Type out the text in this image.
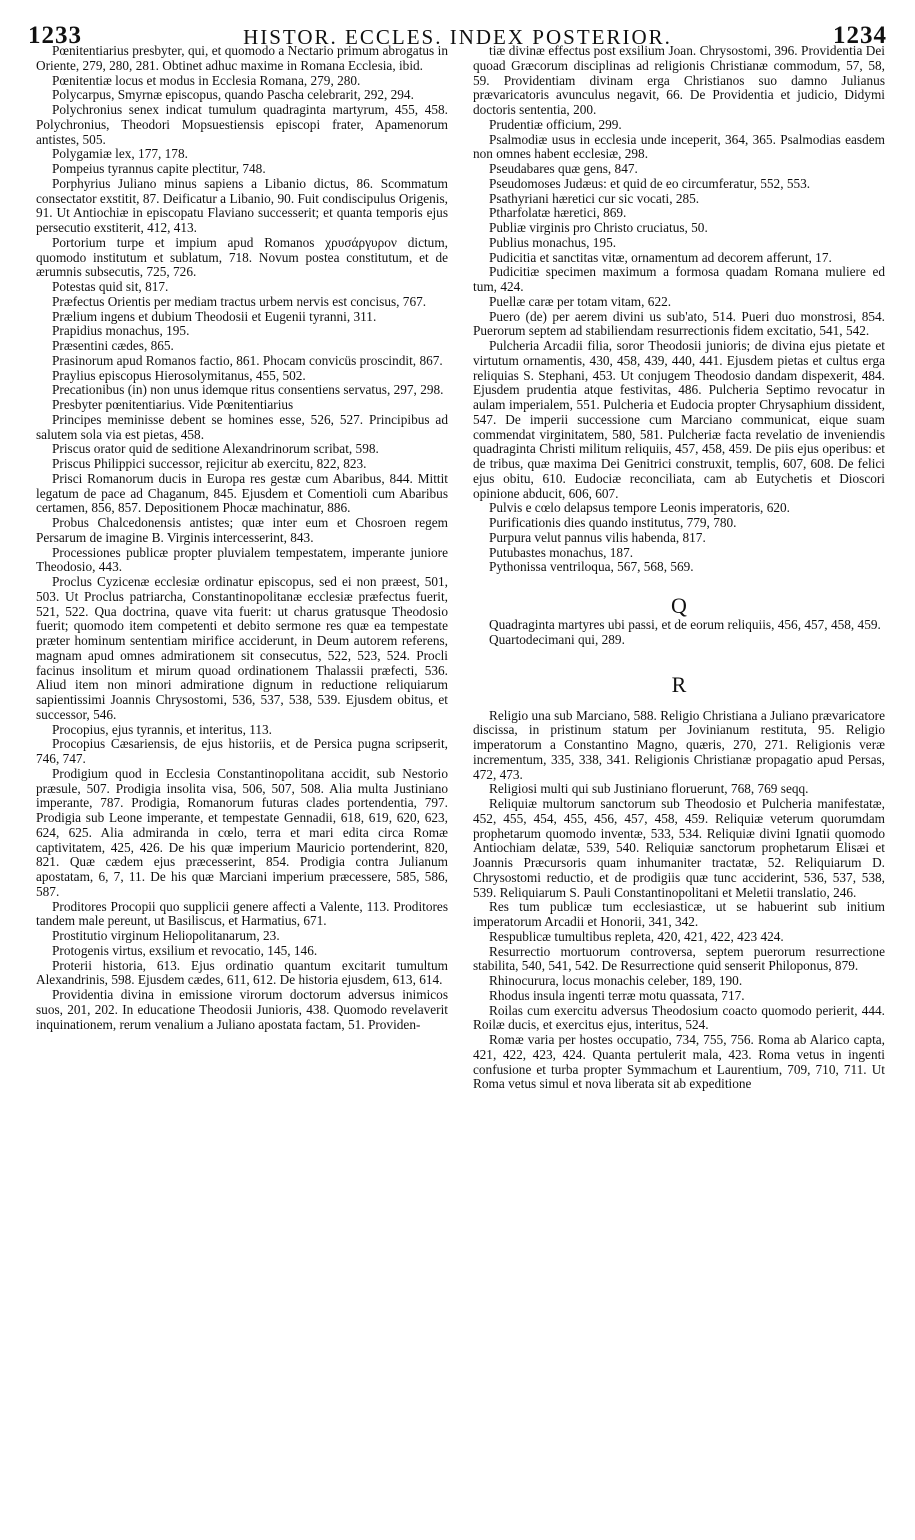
1233	HISTOR. ECCLES. INDEX POSTERIOR.	1234

Pœnitentiarius presbyter, qui, et quomodo a Nectario primum abrogatus in Oriente, 279, 280, 281. Obtinet adhuc maxime in Romana Ecclesia, ibid.

Pœnitentiæ locus et modus in Ecclesia Romana, 279, 280.

Polycarpus, Smyrnæ episcopus, quando Pascha celebrarit, 292, 294.

Polychronius senex indicat tumulum quadraginta martyrum, 455, 458. Polychronius, Theodori Mopsuestiensis episcopi frater, Apamenorum antistes, 505.

Polygamiæ lex, 177, 178.

Pompeius tyrannus capite plectitur, 748.

Porphyrius Juliano minus sapiens a Libanio dictus, 86. Scommatum consectator exstitit, 87. Deificatur a Libanio, 90. Fuit condiscipulus Origenis, 91. Ut Antiochiæ in episcopatu Flaviano successerit; et quanta temporis ejus persecutio exstiterit, 412, 413.

Portorium turpe et impium apud Romanos χρυσάργυρον dictum, quomodo institutum et sublatum, 718. Novum postea constitutum, et de ærumnis subsecutis, 725, 726.

Potestas quid sit, 817.

Præfectus Orientis per mediam tractus urbem nervis est concisus, 767.

Prælium ingens et dubium Theodosii et Eugenii tyranni, 311.

Prapidius monachus, 195.

Præsentini cædes, 865.

Prasinorum apud Romanos factio, 861. Phocam convicüs proscindit, 867.

Praylius episcopus Hierosolymitanus, 455, 502.

Precationibus (in) non unus idemque ritus consentiens servatus, 297, 298.

Presbyter pœnitentiarius. Vide Pœnitentiarius

Principes meminisse debent se homines esse, 526, 527. Principibus ad salutem sola via est pietas, 458.

Priscus orator quid de seditione Alexandrinorum scribat, 598.

Priscus Philippici successor, rejicitur ab exercitu, 822, 823.

Prisci Romanorum ducis in Europa res gestæ cum Abaribus, 844. Mittit legatum de pace ad Chaganum, 845. Ejusdem et Comentioli cum Abaribus certamen, 856, 857. Depositionem Phocæ machinatur, 886.

Probus Chalcedonensis antistes; quæ inter eum et Chosroen regem Persarum de imagine B. Virginis intercesserint, 843.

Processiones publicæ propter pluvialem tempestatem, imperante juniore Theodosio, 443.

Proclus Cyzicenæ ecclesiæ ordinatur episcopus, sed ei non præest, 501, 503. Ut Proclus patriarcha, Constantinopolitanæ ecclesiæ præfectus fuerit, 521, 522. Qua doctrina, quave vita fuerit: ut charus gratusque Theodosio fuerit; quomodo item competenti et debito sermone res quæ ea tempestate præter hominum sententiam mirifice acciderunt, in Deum autorem referens, magnam apud omnes admirationem sit consecutus, 522, 523, 524. Procli facinus insolitum et mirum quoad ordinationem Thalassii præfecti, 536. Aliud item non minori admiratione dignum in reductione reliquiarum sapientissimi Joannis Chrysostomi, 536, 537, 538, 539. Ejusdem obitus, et successor, 546.

Procopius, ejus tyrannis, et interitus, 113.

Procopius Cæsariensis, de ejus historiis, et de Persica pugna scripserit, 746, 747.

Prodigium quod in Ecclesia Constantinopolitana accidit, sub Nestorio præsule, 507. Prodigia insolita visa, 506, 507, 508. Alia multa Justiniano imperante, 787. Prodigia, Romanorum futuras clades portendentia, 797. Prodigia sub Leone imperante, et tempestate Gennadii, 618, 619, 620, 623, 624, 625. Alia admiranda in cœlo, terra et mari edita circa Romæ captivitatem, 425, 426. De his quæ imperium Mauricio portenderint, 820, 821. Quæ cædem ejus præcesserint, 854. Prodigia contra Julianum apostatam, 6, 7, 11. De his quæ Marciani imperium præcessere, 585, 586, 587.

Proditores Procopii quo supplicii genere affecti a Valente, 113. Proditores tandem male pereunt, ut Basiliscus, et Harmatius, 671.

Prostitutio virginum Heliopolitanarum, 23.

Protogenis virtus, exsilium et revocatio, 145, 146.

Proterii historia, 613. Ejus ordinatio quantum excitarit tumultum Alexandrinis, 598. Ejusdem cædes, 611, 612. De historia ejusdem, 613, 614.

Providentia divina in emissione virorum doctorum adversus inimicos suos, 201, 202. In educatione Theodosii Junioris, 438. Quomodo revelaverit inquinationem, rerum venalium a Juliano apostata factam, 51. Providen-

tiæ divinæ effectus post exsilium Joan. Chrysostomi, 396. Providentia Dei quoad Græcorum disciplinas ad religionis Christianæ commodum, 57, 58, 59. Providentiam divinam erga Christianos suo damno Julianus prævaricatoris avunculus negavit, 66. De Providentia et judicio, Didymi doctoris sententia, 200.

Prudentiæ officium, 299.

Psalmodiæ usus in ecclesia unde inceperit, 364, 365. Psalmodias easdem non omnes habent ecclesiæ, 298.

Pseudabares quæ gens, 847.

Pseudomoses Judæus: et quid de eo circumferatur, 552, 553.

Psathyriani hæretici cur sic vocati, 285.

Ptharfolatæ hæretici, 869.

Publiæ virginis pro Christo cruciatus, 50.

Publius monachus, 195.

Pudicitia et sanctitas vitæ, ornamentum ad decorem afferunt, 17.

Pudicitiæ specimen maximum a formosa quadam Romana muliere ed tum, 424.

Puellæ caræ per totam vitam, 622.

Puero (de) per aerem divini us sub'ato, 514. Pueri duo monstrosi, 854. Puerorum septem ad stabiliendam resurrectionis fidem excitatio, 541, 542.

Pulcheria Arcadii filia, soror Theodosii junioris; de divina ejus pietate et virtutum ornamentis, 430, 458, 439, 440, 441. Ejusdem pietas et cultus erga reliquias S. Stephani, 453. Ut conjugem Theodosio dandam dispexerit, 484. Ejusdem prudentia atque festivitas, 486. Pulcheria Septimo revocatur in aulam imperialem, 551. Pulcheria et Eudocia propter Chrysaphium dissident, 547. De imperii successione cum Marciano communicat, eique suam commendat virginitatem, 580, 581. Pulcheriæ facta revelatio de inveniendis quadraginta Christi militum reliquiis, 457, 458, 459. De piis ejus operibus: et de tribus, quæ maxima Dei Genitrici construxit, templis, 607, 608. De felici ejus obitu, 610. Eudociæ reconciliata, cam ab Eutychetis et Dioscori opinione abducit, 606, 607.

Pulvis e cœlo delapsus tempore Leonis imperatoris, 620.

Purificationis dies quando institutus, 779, 780.

Purpura velut pannus vilis habenda, 817.

Putubastes monachus, 187.

Pythonissa ventriloqua, 567, 568, 569.

Q

Quadraginta martyres ubi passi, et de eorum reliquiis, 456, 457, 458, 459.

Quartodecimani qui, 289.

R

Religio una sub Marciano, 588. Religio Christiana a Juliano prævaricatore discissa, in pristinum statum per Jovinianum restituta, 95. Religio imperatorum a Constantino Magno, quæris, 270, 271. Religionis veræ incrementum, 335, 338, 341. Religionis Christianæ propagatio apud Persas, 472, 473.

Religiosi multi qui sub Justiniano floruerunt, 768, 769 seqq.

Reliquiæ multorum sanctorum sub Theodosio et Pulcheria manifestatæ, 452, 455, 454, 455, 456, 457, 458, 459. Reliquiæ veterum quorumdam prophetarum quomodo inventæ, 533, 534. Reliquiæ divini Ignatii quomodo Antiochiam delatæ, 539, 540. Reliquiæ sanctorum prophetarum Elisæi et Joannis Præcursoris quam inhumaniter tractatæ, 52. Reliquiarum D. Chrysostomi reductio, et de prodigiis quæ tunc acciderint, 536, 537, 538, 539. Reliquiarum S. Pauli Constantinopolitani et Meletii translatio, 246.

Res tum publicæ tum ecclesiasticæ, ut se habuerint sub initium imperatorum Arcadii et Honorii, 341, 342.

Respublicæ tumultibus repleta, 420, 421, 422, 423 424.

Resurrectio mortuorum controversa, septem puerorum resurrectione stabilita, 540, 541, 542. De Resurrectione quid senserit Philoponus, 879.

Rhinocurura, locus monachis celeber, 189, 190.

Rhodus insula ingenti terræ motu quassata, 717.

Roilas cum exercitu adversus Theodosium coacto quomodo perierit, 444. Roilæ ducis, et exercitus ejus, interitus, 524.

Romæ varia per hostes occupatio, 734, 755, 756. Roma ab Alarico capta, 421, 422, 423, 424. Quanta pertulerit mala, 423. Roma vetus in ingenti confusione et turba propter Symmachum et Laurentium, 709, 710, 711. Ut Roma vetus simul et nova liberata sit ab expeditione
